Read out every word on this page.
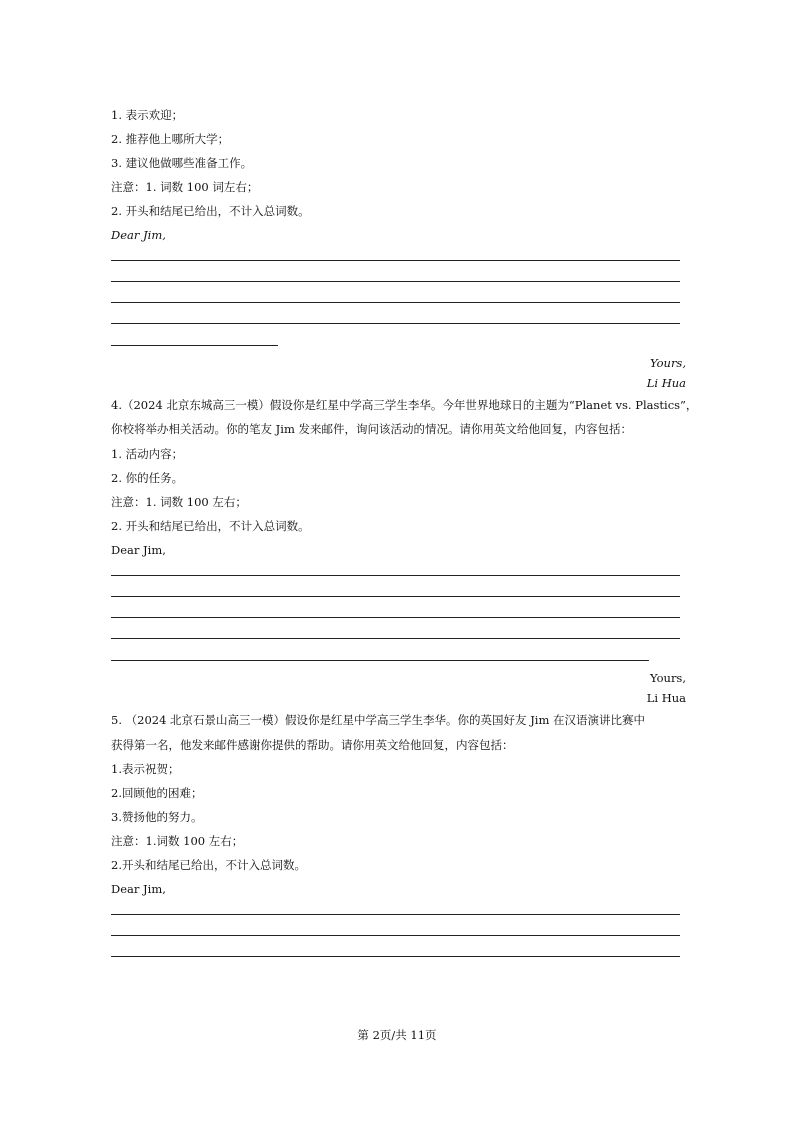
1. 表示欢迎；
2. 推荐他上哪所大学；
3. 建议他做哪些准备工作。
注意：1. 词数 100 词左右；
2. 开头和结尾已给出，不计入总词数。
Dear Jim,
Yours,
Li Hua
4.（2024 北京东城高三一模）假设你是红星中学高三学生李华。今年世界地球日的主题为“Planet vs. Plastics”，
你校将举办相关活动。你的笔友 Jim 发来邮件，询问该活动的情况。请你用英文给他回复，内容包括：
1. 活动内容；
2. 你的任务。
注意：1. 词数 100 左右；
2. 开头和结尾已给出，不计入总词数。
Dear Jim,
Yours,
Li Hua
5. （2024 北京石景山高三一模）假设你是红星中学高三学生李华。你的英国好友 Jim 在汉语演讲比赛中
获得第一名，他发来邮件感谢你提供的帮助。请你用英文给他回复，内容包括：
1.表示祝贺；
2.回顾他的困难；
3.赞扬他的努力。
注意：1.词数 100 左右；
2.开头和结尾已给出，不计入总词数。
Dear Jim,
第 2页/共 11页
